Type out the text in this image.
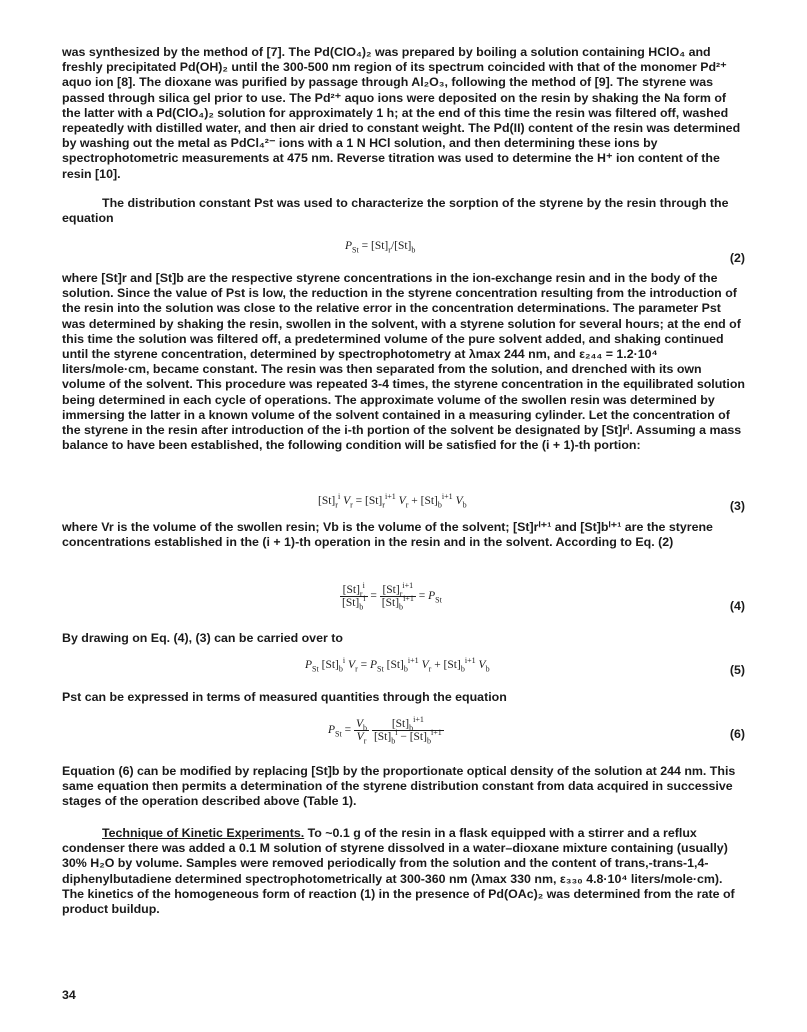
was synthesized by the method of [7]. The Pd(ClO₄)₂ was prepared by boiling a solution containing HClO₄ and freshly precipitated Pd(OH)₂ until the 300-500 nm region of its spectrum coincided with that of the monomer Pd²⁺ aquo ion [8]. The dioxane was purified by passage through Al₂O₃, following the method of [9]. The styrene was passed through silica gel prior to use. The Pd²⁺ aquo ions were deposited on the resin by shaking the Na form of the latter with a Pd(ClO₄)₂ solution for approximately 1 h; at the end of this time the resin was filtered off, washed repeatedly with distilled water, and then air dried to constant weight. The Pd(II) content of the resin was determined by washing out the metal as PdCl₄²⁻ ions with a 1 N HCl solution, and then determining these ions by spectrophotometric measurements at 475 nm. Reverse titration was used to determine the H⁺ ion content of the resin [10].

The distribution constant Pst was used to characterize the sorption of the styrene by the resin through the equation

$P_{St} = [St]_r/[St]_b$
(2)

where [St]r and [St]b are the respective styrene concentrations in the ion-exchange resin and in the body of the solution. Since the value of Pst is low, the reduction in the styrene concentration resulting from the introduction of the resin into the solution was close to the relative error in the concentration determinations. The parameter Pst was determined by shaking the resin, swollen in the solvent, with a styrene solution for several hours; at the end of this time the solution was filtered off, a predetermined volume of the pure solvent added, and shaking continued until the styrene concentration, determined by spectrophotometry at λmax 244 nm, and ε₂₄₄ = 1.2·10⁴ liters/mole·cm, became constant. The resin was then separated from the solution, and drenched with its own volume of the solvent. This procedure was repeated 3-4 times, the styrene concentration in the equilibrated solution being determined in each cycle of operations. The approximate volume of the swollen resin was determined by immersing the latter in a known volume of the solvent contained in a measuring cylinder. Let the concentration of the styrene in the resin after introduction of the i-th portion of the solvent be designated by [St]rⁱ. Assuming a mass balance to have been established, the following condition will be satisfied for the (i + 1)-th portion:

$[St]_r^i$ $V_r = [St]_r^{i+1}$ $V_r + [St]_b^{i+1}$ $V_b$	(3)

where Vr is the volume of the swollen resin; Vb is the volume of the solvent; [St]rⁱ⁺¹ and [St]bⁱ⁺¹ are the styrene concentrations established in the (i + 1)-th operation in the resin and in the solvent. According to Eq. (2)

$\frac{[St]_r^i}{[St]_b^i} = \frac{[St]_r^{i+1}}{[St]_b^{i+1}} = P_{St}$	(4)

By drawing on Eq. (4), (3) can be carried over to

$P_{St}$ $[St]_b^i$ $V_r = P_{St}$ $[St]_b^{i+1}$ $V_r + [St]_b^{i+1}$ $V_b$	(5)

Pst can be expressed in terms of measured quantities through the equation

$P_{St} = \frac{V_b}{V_r}$
$\frac{[St]_b^{i+1}}{[St]_b^i - [St]_b^{i+1}}$	(6)

Equation (6) can be modified by replacing [St]b by the proportionate optical density of the solution at 244 nm. This same equation then permits a determination of the styrene distribution constant from data acquired in successive stages of the operation described above (Table 1).

Technique of Kinetic Experiments. To ~0.1 g of the resin in a flask equipped with a stirrer and a reflux condenser there was added a 0.1 M solution of styrene dissolved in a water–dioxane mixture containing (usually) 30% H₂O by volume. Samples were removed periodically from the solution and the content of trans,-trans-1,4-diphenylbutadiene determined spectrophotometrically at 300-360 nm (λmax 330 nm, ε₃₃₀ 4.8·10⁴ liters/mole·cm). The kinetics of the homogeneous form of reaction (1) in the presence of Pd(OAc)₂ was determined from the rate of product buildup.

34
